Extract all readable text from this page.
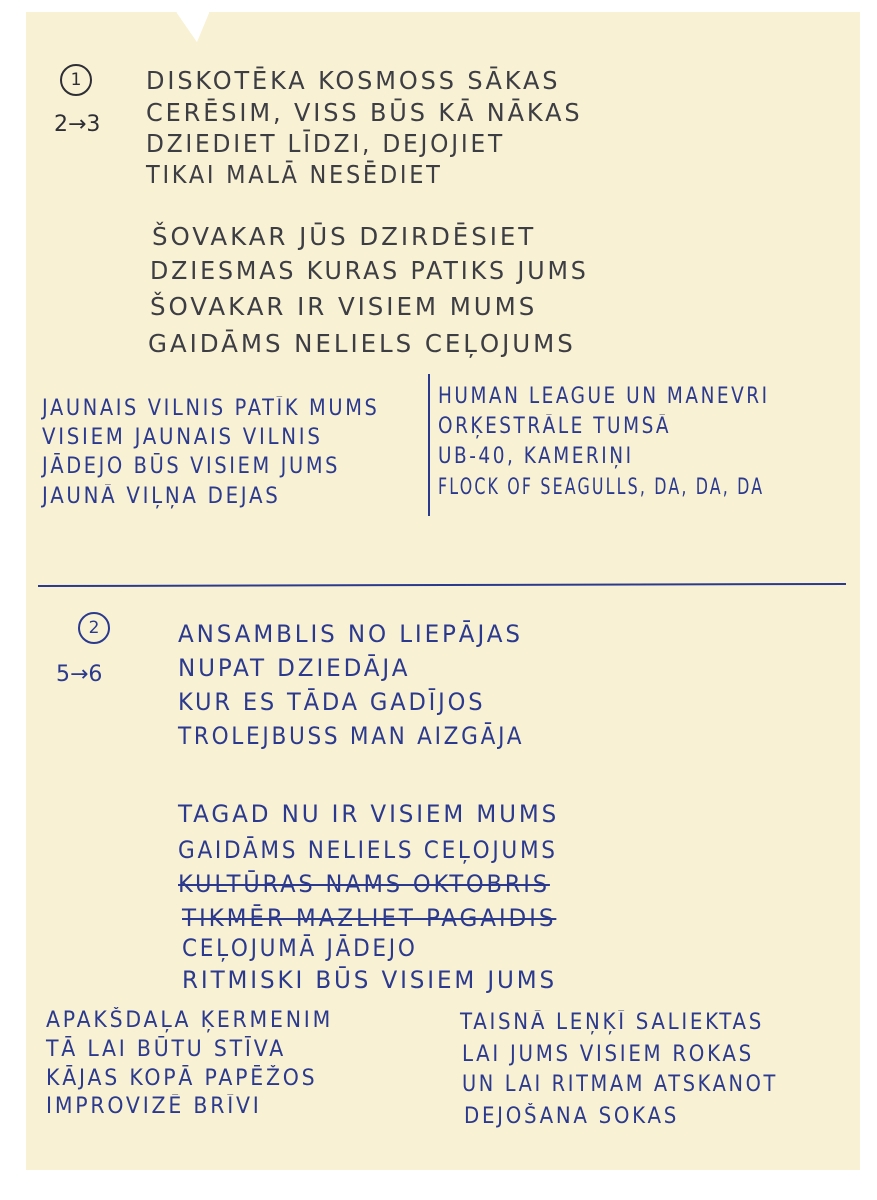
1
2→3
DISKOTĒKA KOSMOSS SĀKAS
CERĒSIM, VISS BŪS KĀ NĀKAS
DZIEDIET LĪDZI, DEJOJIET
TIKAI MALĀ NESĒDIET
ŠOVAKAR JŪS DZIRDĒSIET
DZIESMAS KURAS PATIKS JUMS
ŠOVAKAR IR VISIEM MUMS
GAIDĀMS NELIELS CEĻOJUMS
JAUNAIS VILNIS PATĪK MUMS
VISIEM JAUNAIS VILNIS
JĀDEJO BŪS VISIEM JUMS
JAUNĀ VIĻŅA DEJAS
HUMAN LEAGUE UN MANEVRI
ORĶESTRĀLE TUMSĀ
UB-40, KAMERIŅI
FLOCK OF SEAGULLS, DA, DA, DA
2
5→6
ANSAMBLIS NO LIEPĀJAS
NUPAT DZIEDĀJA
KUR ES TĀDA GADĪJOS
TROLEJBUSS MAN AIZGĀJA
TAGAD NU IR VISIEM MUMS
GAIDĀMS NELIELS CEĻOJUMS
KULTŪRAS NAMS OKTOBRIS
TIKMĒR MAZLIET PAGAIDIS
CEĻOJUMĀ JĀDEJO
RITMISKI BŪS VISIEM JUMS
APAKŠDAĻA ĶERMENIM
TĀ LAI BŪTU STĪVA
KĀJAS KOPĀ PAPĒŽOS
IMPROVIZĒ BRĪVI
TAISNĀ LEŅĶĪ SALIEKTAS
LAI JUMS VISIEM ROKAS
UN LAI RITMAM ATSKANOT
DEJOŠANA SOKAS
